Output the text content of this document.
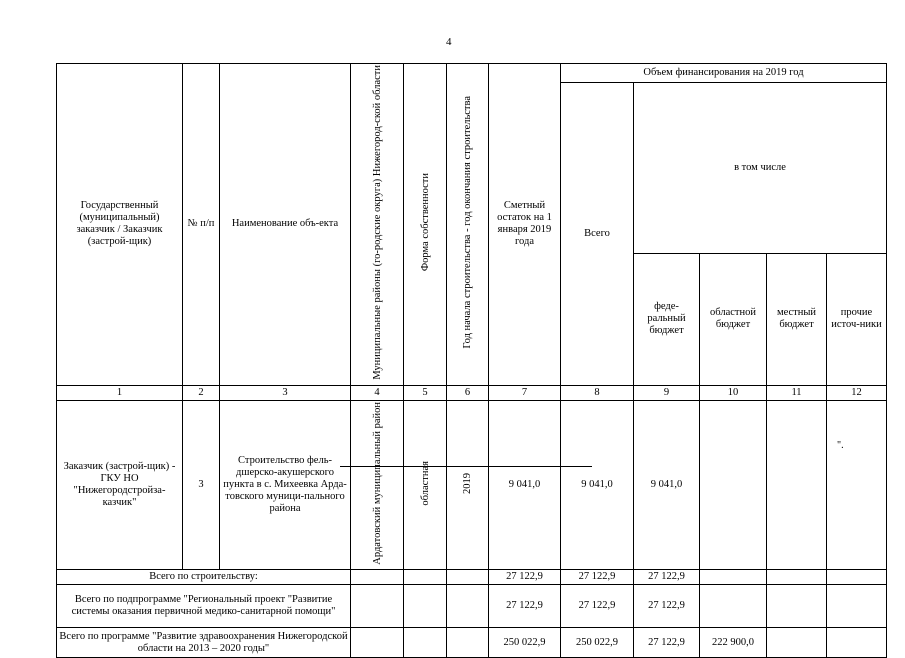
4
Государственный (муниципальный) заказчик / Заказчик (застрой-щик)	№ п/п	Наименование объ-екта	Муниципальные районы (го-родские округа) Нижегород-ской области	Форма собственности	Год начала строительства - год окончания строительства	Сметный остаток на 1 января 2019 года	Объем финансирования на 2019 год				
							Всего	в том числе			
								феде-ральный бюджет	областной бюджет	местный бюджет	прочие источ-ники
1	2	3	4	5	6	7	8	9	10	11	12
Заказчик (застрой-щик) - ГКУ НО "Нижегородстройза-казчик"	3	Строительство фель-дшерско-акушерского пункта в с. Михеевка Арда-товского муници-пального района	Ардатовский муниципальный район	областная	2019	9 041,0	9 041,0	9 041,0			
Всего по строительству:						27 122,9	27 122,9	27 122,9			
Всего по подпрограмме "Региональный проект "Развитие системы оказания первичной медико-санитарной помощи"						27 122,9	27 122,9	27 122,9			
Всего по программе "Развитие здравоохранения Нижегородской области на 2013 – 2020 годы"						250 022,9	250 022,9	27 122,9	222 900,0		
".
